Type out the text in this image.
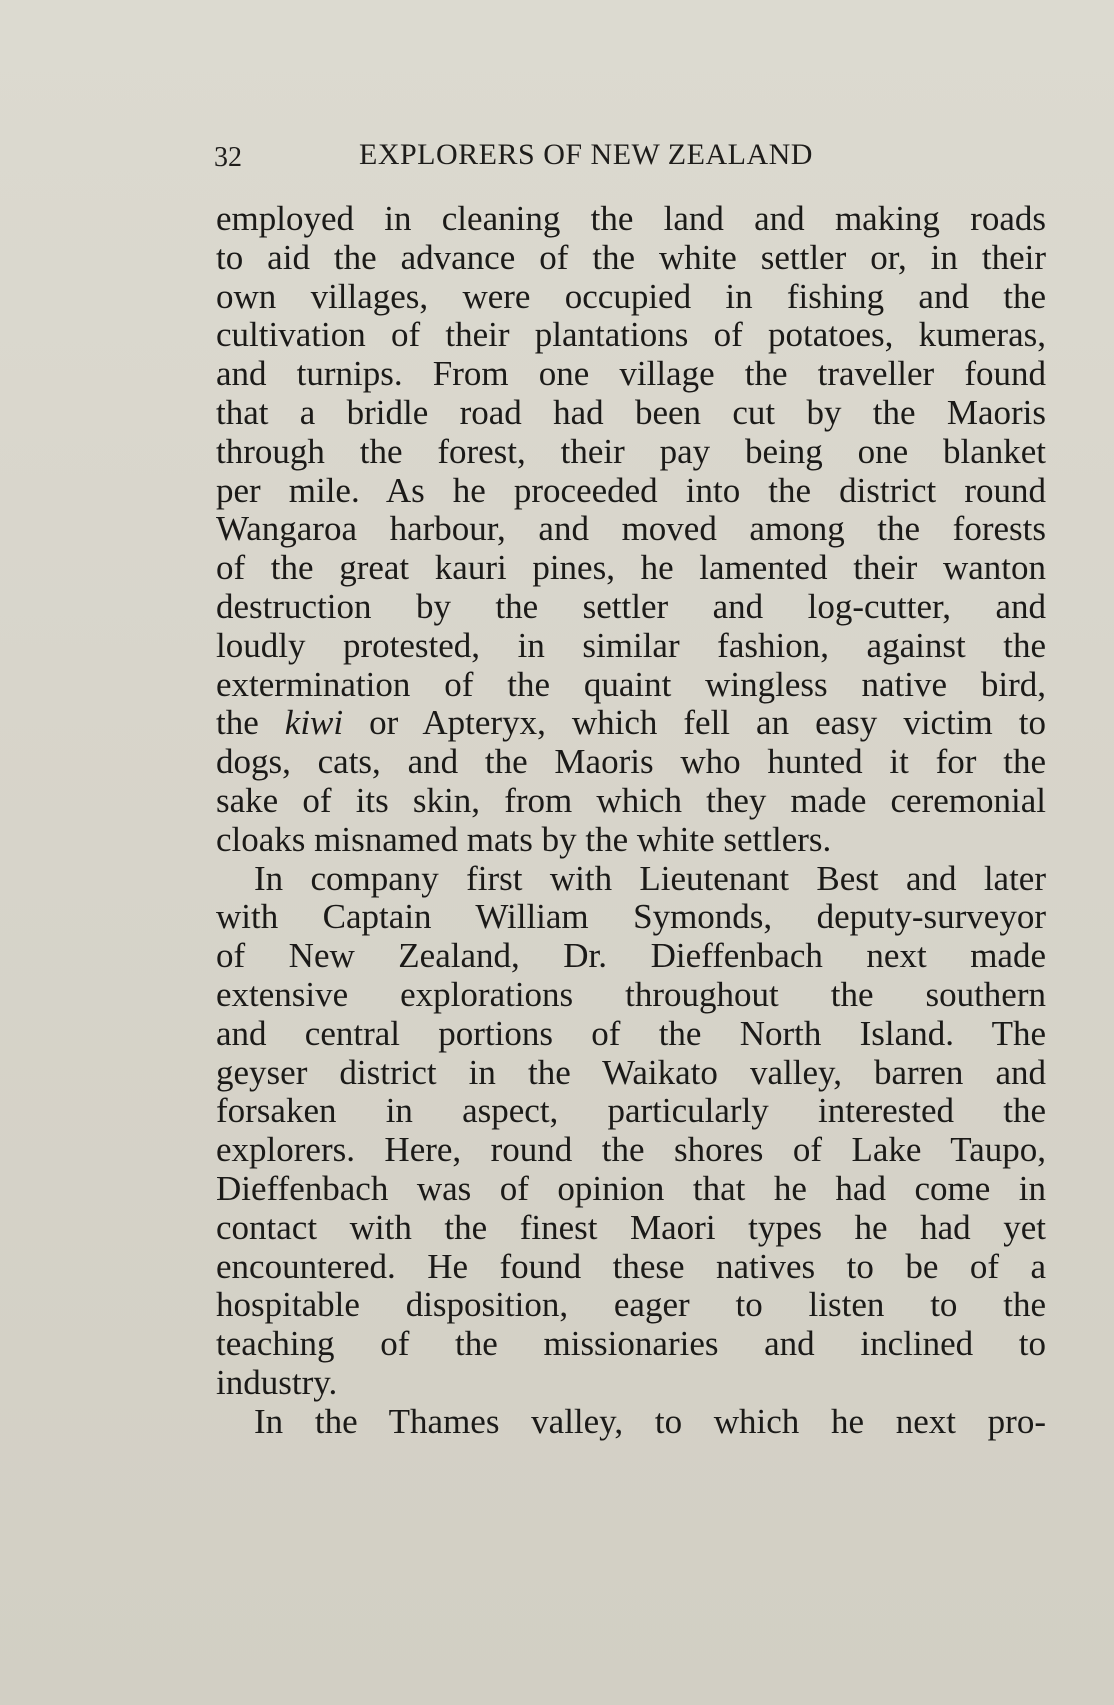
32	EXPLORERS OF NEW ZEALAND
employed in cleaning the land and making roads
to aid the advance of the white settler or, in their
own villages, were occupied in fishing and the
cultivation of their plantations of potatoes, kumeras,
and turnips. From one village the traveller found
that a bridle road had been cut by the Maoris
through the forest, their pay being one blanket
per mile. As he proceeded into the district round
Wangaroa harbour, and moved among the forests
of the great kauri pines, he lamented their wanton
destruction by the settler and log-cutter, and
loudly protested, in similar fashion, against the
extermination of the quaint wingless native bird,
the kiwi or Apteryx, which fell an easy victim to
dogs, cats, and the Maoris who hunted it for the
sake of its skin, from which they made ceremonial
cloaks misnamed mats by the white settlers.
In company first with Lieutenant Best and later
with Captain William Symonds, deputy-surveyor
of New Zealand, Dr. Dieffenbach next made
extensive explorations throughout the southern
and central portions of the North Island. The
geyser district in the Waikato valley, barren and
forsaken in aspect, particularly interested the
explorers. Here, round the shores of Lake Taupo,
Dieffenbach was of opinion that he had come in
contact with the finest Maori types he had yet
encountered. He found these natives to be of a
hospitable disposition, eager to listen to the
teaching of the missionaries and inclined to
industry.
In the Thames valley, to which he next pro-
